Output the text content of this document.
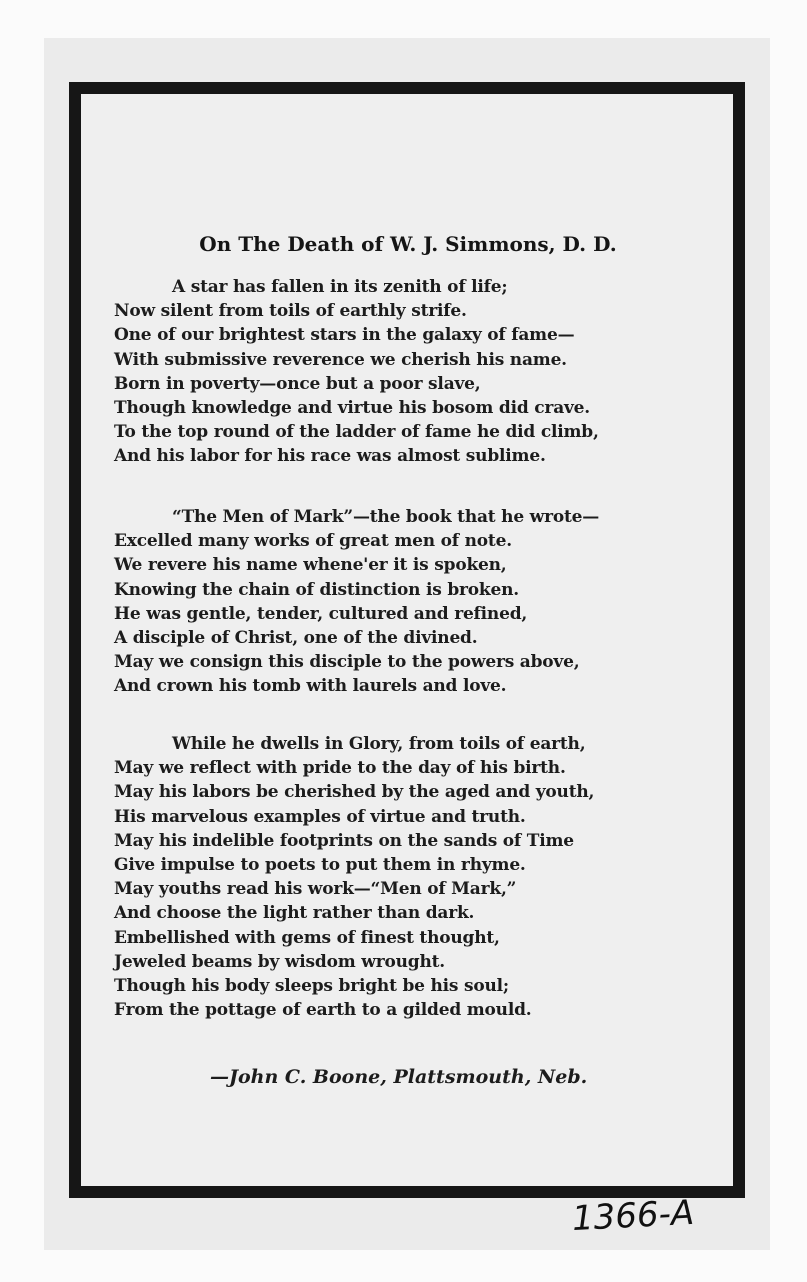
On The Death of W. J. Simmons, D. D.
A star has fallen in its zenith of life;
Now silent from toils of earthly strife.
One of our brightest stars in the galaxy of fame—
With submissive reverence we cherish his name.
Born in poverty—once but a poor slave,
Though knowledge and virtue his bosom did crave.
To the top round of the ladder of fame he did climb,
And his labor for his race was almost sublime.
“The Men of Mark”—the book that he wrote—
Excelled many works of great men of note.
We revere his name whene'er it is spoken,
Knowing the chain of distinction is broken.
He was gentle, tender, cultured and refined,
A disciple of Christ, one of the divined.
May we consign this disciple to the powers above,
And crown his tomb with laurels and love.
While he dwells in Glory, from toils of earth,
May we reflect with pride to the day of his birth.
May his labors be cherished by the aged and youth,
His marvelous examples of virtue and truth.
May his indelible footprints on the sands of Time
Give impulse to poets to put them in rhyme.
May youths read his work—“Men of Mark,”
And choose the light rather than dark.
Embellished with gems of finest thought,
Jeweled beams by wisdom wrought.
Though his body sleeps bright be his soul;
From the pottage of earth to a gilded mould.
—John C. Boone, Plattsmouth, Neb.
1366-A
